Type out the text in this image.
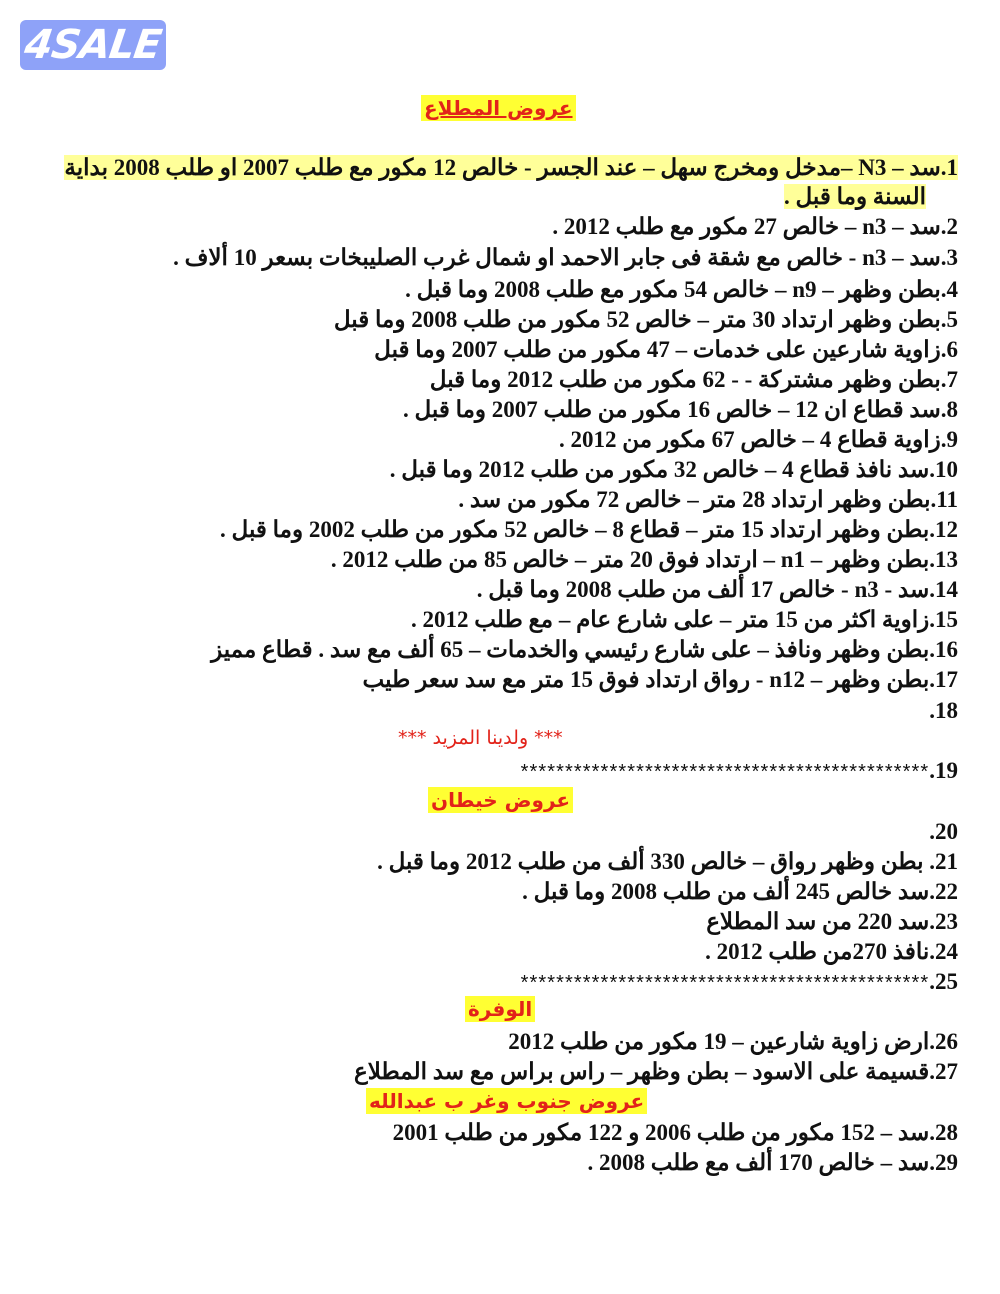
4SALE
عروض المطلاع
1.سد – N3 –مدخل ومخرج سهل – عند الجسر - خالص 12 مكور مع طلب 2007 او طلب 2008 بداية
السنة وما قبل .
2.سد – n3 – خالص 27 مكور مع طلب 2012 .
3.سد – n3 - خالص مع شقة فى جابر الاحمد او شمال غرب الصليبخات بسعر 10 ألاف .
4.بطن وظهر – n9 – خالص 54 مكور مع طلب 2008 وما قبل .
5.بطن وظهر ارتداد 30 متر – خالص 52 مكور من طلب 2008 وما قبل
6.زاوية شارعين على خدمات – 47 مكور من طلب 2007 وما قبل
7.بطن وظهر مشتركة - - 62 مكور من طلب 2012 وما قبل
8.سد قطاع ان 12 – خالص 16 مكور من طلب 2007 وما قبل .
9.زاوية قطاع 4 – خالص 67 مكور من 2012 .
10.سد نافذ قطاع 4 – خالص 32 مكور من طلب 2012 وما قبل .
11.بطن وظهر ارتداد 28 متر – خالص 72 مكور من سد .
12.بطن وظهر ارتداد 15 متر – قطاع 8 – خالص 52 مكور من طلب 2002 وما قبل .
13.بطن وظهر – n1 – ارتداد فوق 20 متر – خالص 85 من طلب 2012 .
14.سد - n3 - خالص 17 ألف من طلب 2008 وما قبل .
15.زاوية اكثر من 15 متر – على شارع عام – مع طلب 2012 .
16.بطن وظهر ونافذ – على شارع رئيسي والخدمات – 65 ألف مع سد . قطاع مميز
17.بطن وظهر – n12 - رواق ارتداد فوق 15 متر مع سد سعر طيب
18.
*** ولدينا المزيد ***
19.**********************************************
عروض خيطان
20.
21. بطن وظهر رواق – خالص 330 ألف من طلب 2012 وما قبل .
22.سد خالص 245 ألف من طلب 2008 وما قبل .
23.سد 220 من سد المطلاع
24.نافذ 270من طلب 2012 .
25.**********************************************
الوفرة
26.ارض زاوية شارعين – 19 مكور من طلب 2012
27.قسيمة على الاسود – بطن وظهر – راس براس مع سد المطلاع
عروض جنوب وغر ب عبدالله
28.سد – 152 مكور من طلب 2006 و 122 مكور من طلب 2001
29.سد – خالص 170 ألف مع طلب 2008 .
